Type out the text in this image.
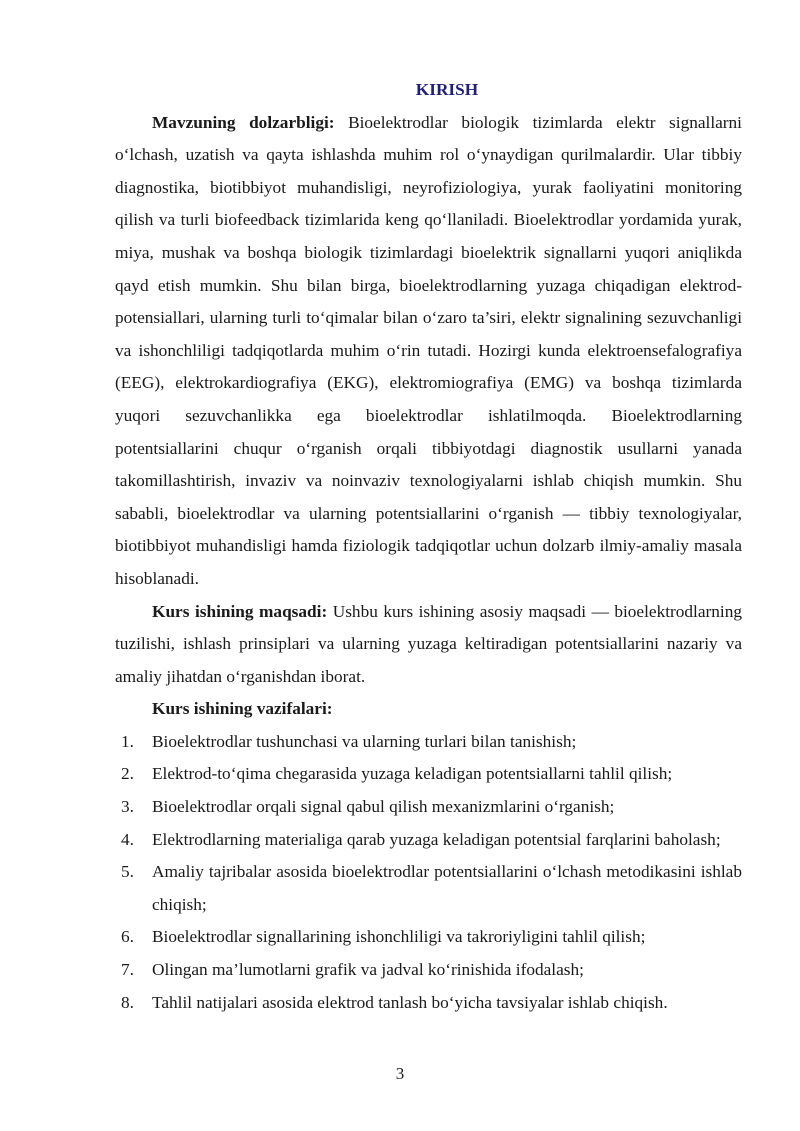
KIRISH

Mavzuning dolzarbligi: Bioelektrodlar biologik tizimlarda elektr signallarni o‘lchash, uzatish va qayta ishlashda muhim rol o‘ynaydigan qurilmalardir. Ular tibbiy diagnostika, biotibbiyot muhandisligi, neyrofiziologiya, yurak faoliyatini monitoring qilish va turli biofeedback tizimlarida keng qo‘llaniladi. Bioelektrodlar yordamida yurak, miya, mushak va boshqa biologik tizimlardagi bioelektrik signallarni yuqori aniqlikda qayd etish mumkin. Shu bilan birga, bioelektrodlarning yuzaga chiqadigan elektrod-potensiallari, ularning turli to‘qimalar bilan o‘zaro ta’siri, elektr signalining sezuvchanligi va ishonchliligi tadqiqotlarda muhim o‘rin tutadi. Hozirgi kunda elektroensefalografiya (EEG), elektrokardiografiya (EKG), elektromiografiya (EMG) va boshqa tizimlarda yuqori sezuvchanlikka ega bioelektrodlar ishlatilmoqda. Bioelektrodlarning potentsiallarini chuqur o‘rganish orqali tibbiyotdagi diagnostik usullarni yanada takomillashtirish, invaziv va noinvaziv texnologiyalarni ishlab chiqish mumkin. Shu sababli, bioelektrodlar va ularning potentsiallarini o‘rganish — tibbiy texnologiyalar, biotibbiyot muhandisligi hamda fiziologik tadqiqotlar uchun dolzarb ilmiy-amaliy masala hisoblanadi.

Kurs ishining maqsadi: Ushbu kurs ishining asosiy maqsadi — bioelektrodlarning tuzilishi, ishlash prinsiplari va ularning yuzaga keltiradigan potentsiallarini nazariy va amaliy jihatdan o‘rganishdan iborat.

Kurs ishining vazifalari:

1. Bioelektrodlar tushunchasi va ularning turlari bilan tanishish;
2. Elektrod-to‘qima chegarasida yuzaga keladigan potentsiallarni tahlil qilish;
3. Bioelektrodlar orqali signal qabul qilish mexanizmlarini o‘rganish;
4. Elektrodlarning materialiga qarab yuzaga keladigan potentsial farqlarini baholash;
5. Amaliy tajribalar asosida bioelektrodlar potentsiallarini o‘lchash metodikasini ishlab chiqish;
6. Bioelektrodlar signallarining ishonchliligi va takroriyligini tahlil qilish;
7. Olingan ma’lumotlarni grafik va jadval ko‘rinishida ifodalash;
8. Tahlil natijalari asosida elektrod tanlash bo‘yicha tavsiyalar ishlab chiqish.
3
